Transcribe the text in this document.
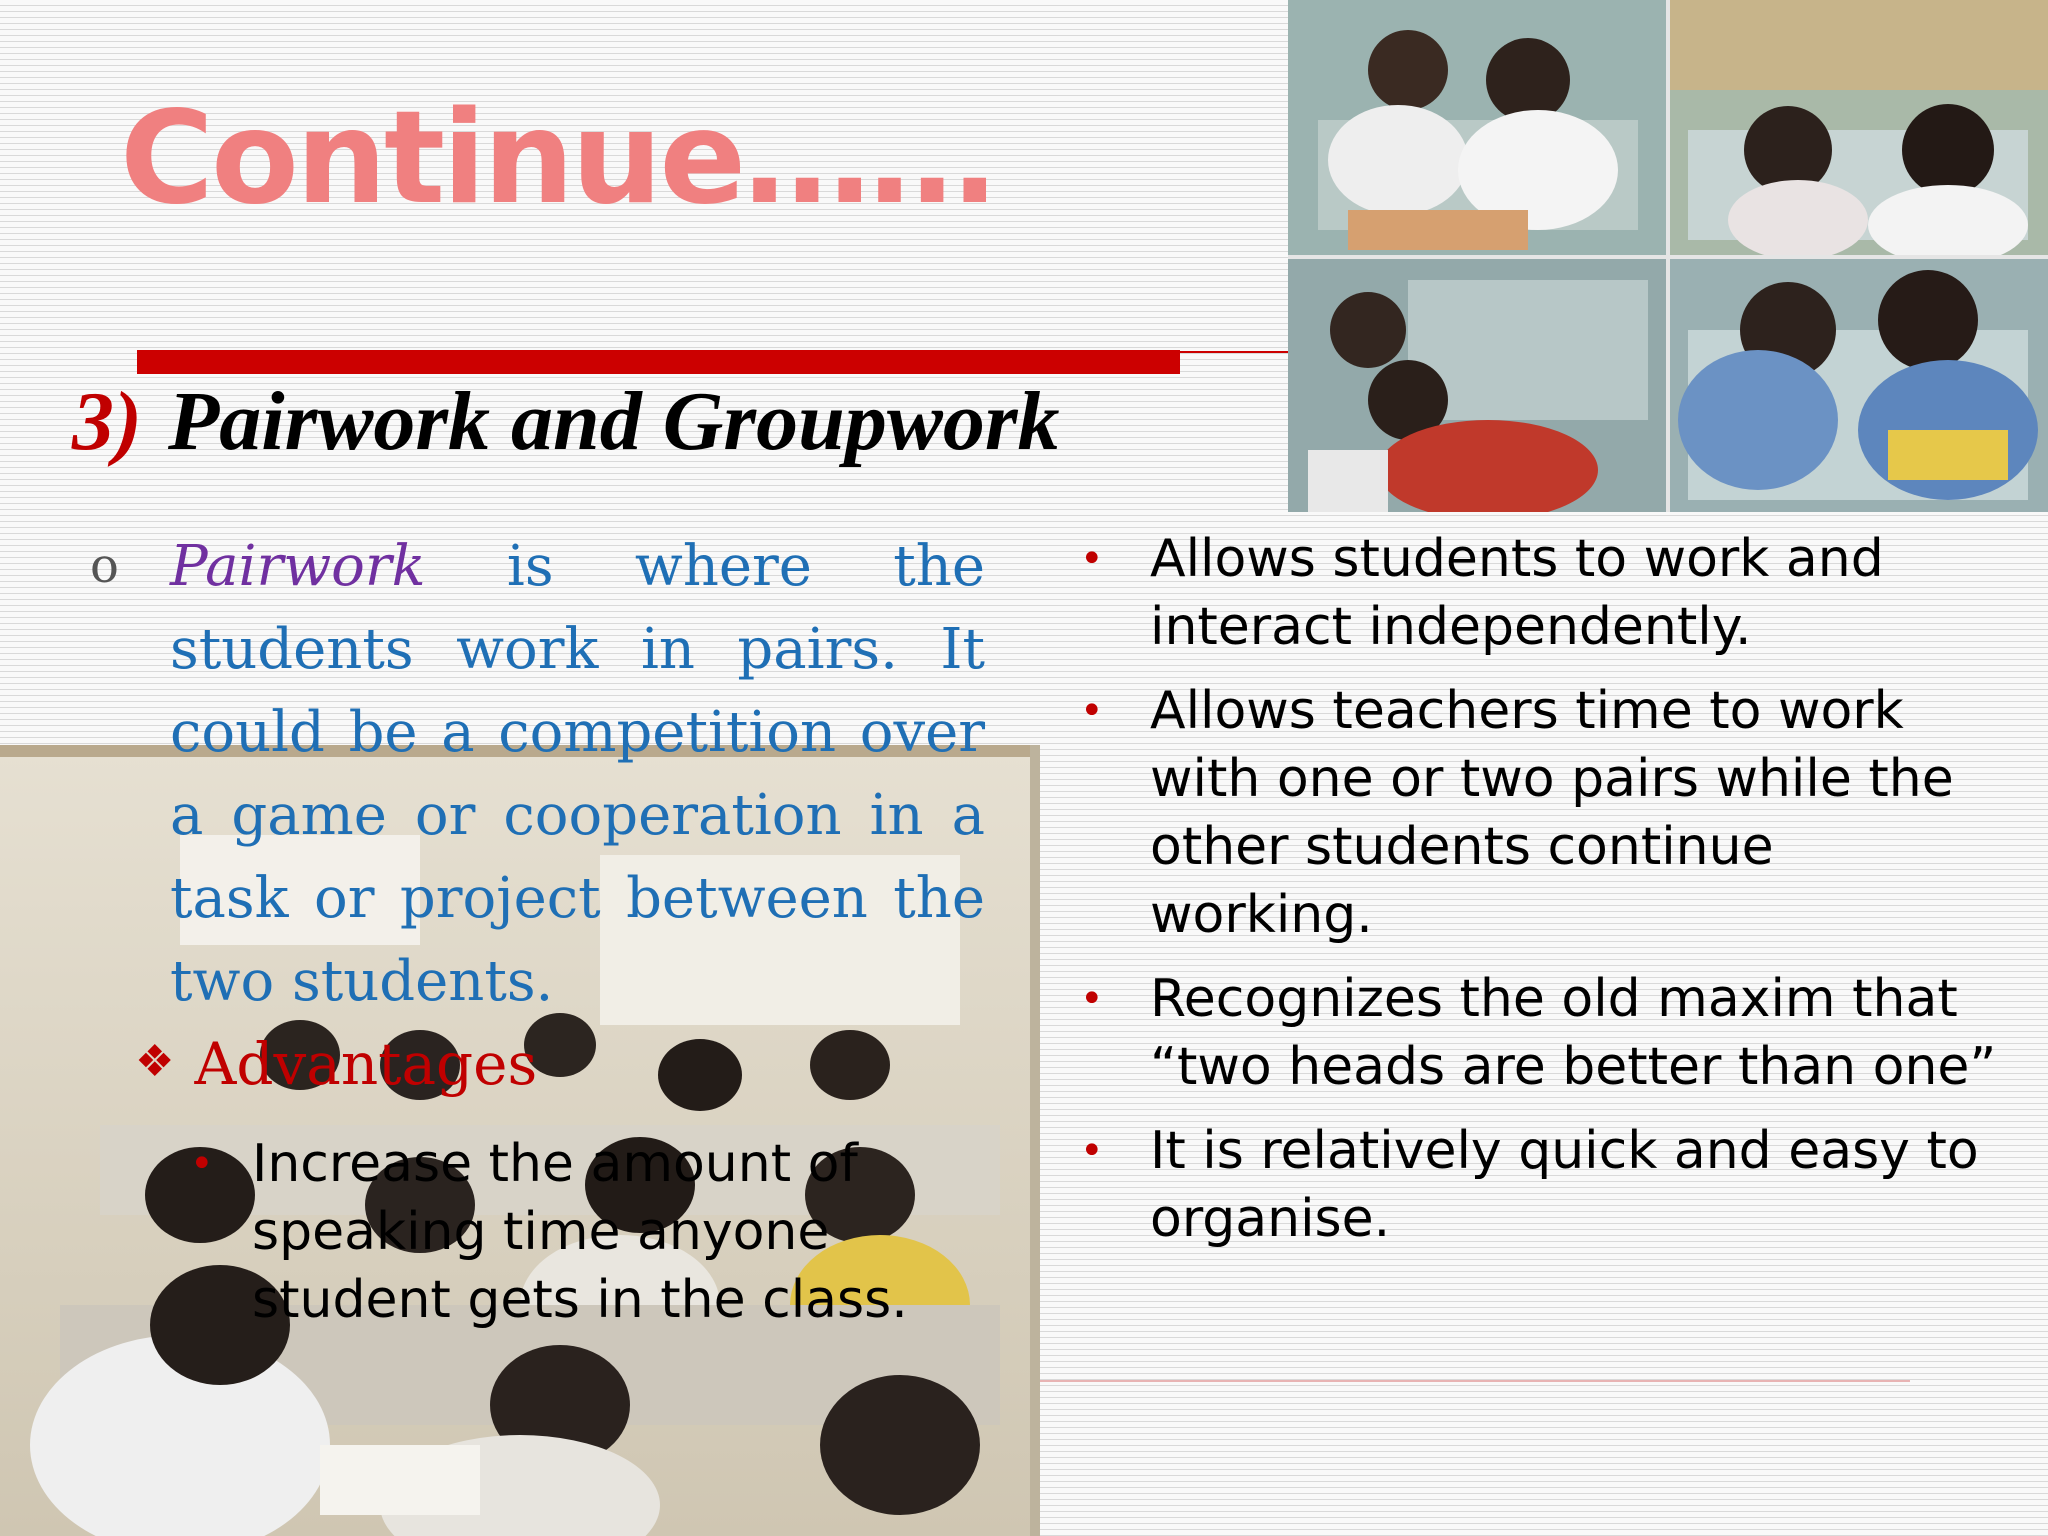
Continue……
3) Pairwork and Groupwork
o Pairwork is where the students work in pairs. It could be a competition over a game or cooperation in a task or project between the two students.

❖ Advantages
• Increase the amount of speaking time anyone student gets in the class.
• Allows students to work and interact independently.
• Allows teachers time to work with one or two pairs while the other students continue working.
• Recognizes the old maxim that “two heads are better than one”
• It is relatively quick and easy to organise.
